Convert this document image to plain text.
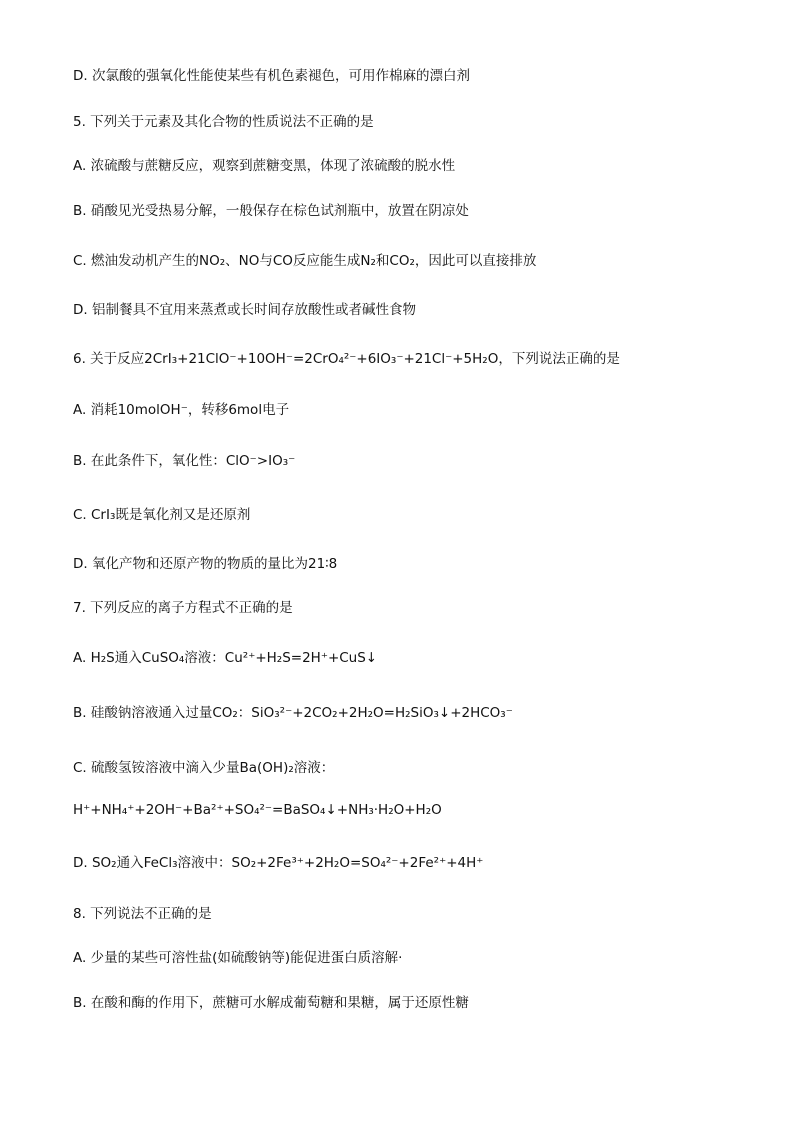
D. 次氯酸的强氧化性能使某些有机色素褪色，可用作棉麻的漂白剂
5. 下列关于元素及其化合物的性质说法不正确的是
A. 浓硫酸与蔗糖反应，观察到蔗糖变黑，体现了浓硫酸的脱水性
B. 硝酸见光受热易分解，一般保存在棕色试剂瓶中，放置在阴凉处
C. 燃油发动机产生的NO₂、NO与CO反应能生成N₂和CO₂，因此可以直接排放
D. 铝制餐具不宜用来蒸煮或长时间存放酸性或者碱性食物
6. 关于反应2CrI₃+21ClO⁻+10OH⁻=2CrO₄²⁻+6IO₃⁻+21Cl⁻+5H₂O，下列说法正确的是
A. 消耗10molOH⁻，转移6mol电子
B. 在此条件下，氧化性：ClO⁻>IO₃⁻
C. CrI₃既是氧化剂又是还原剂
D. 氧化产物和还原产物的物质的量比为21∶8
7. 下列反应的离子方程式不正确的是
A. H₂S通入CuSO₄溶液：Cu²⁺+H₂S=2H⁺+CuS↓
B. 硅酸钠溶液通入过量CO₂：SiO₃²⁻+2CO₂+2H₂O=H₂SiO₃↓+2HCO₃⁻
C. 硫酸氢铵溶液中滴入少量Ba(OH)₂溶液：
H⁺+NH₄⁺+2OH⁻+Ba²⁺+SO₄²⁻=BaSO₄↓+NH₃·H₂O+H₂O
D. SO₂通入FeCl₃溶液中：SO₂+2Fe³⁺+2H₂O=SO₄²⁻+2Fe²⁺+4H⁺
8. 下列说法不正确的是
A. 少量的某些可溶性盐(如硫酸钠等)能促进蛋白质溶解·
B. 在酸和酶的作用下，蔗糖可水解成葡萄糖和果糖，属于还原性糖
